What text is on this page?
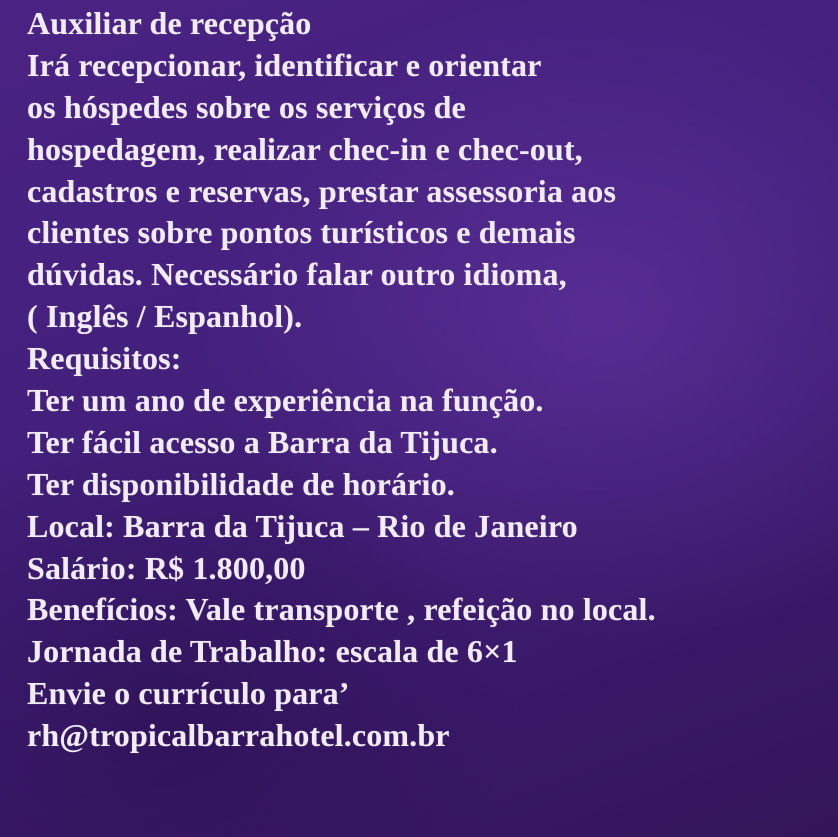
Auxiliar de recepção
Irá recepcionar, identificar e orientar
os hóspedes sobre os serviços de
hospedagem, realizar chec-in e chec-out,
cadastros e reservas, prestar assessoria aos
clientes sobre pontos turísticos e demais
dúvidas. Necessário falar outro idioma,
( Inglês / Espanhol).
Requisitos:
Ter um ano de experiência na função.
Ter fácil acesso a Barra da Tijuca.
Ter disponibilidade de horário.
Local: Barra da Tijuca – Rio de Janeiro
Salário: R$ 1.800,00
Benefícios: Vale transporte , refeição no local.
Jornada de Trabalho: escala de 6×1
Envie o currículo para’
rh@tropicalbarrahotel.com.br
